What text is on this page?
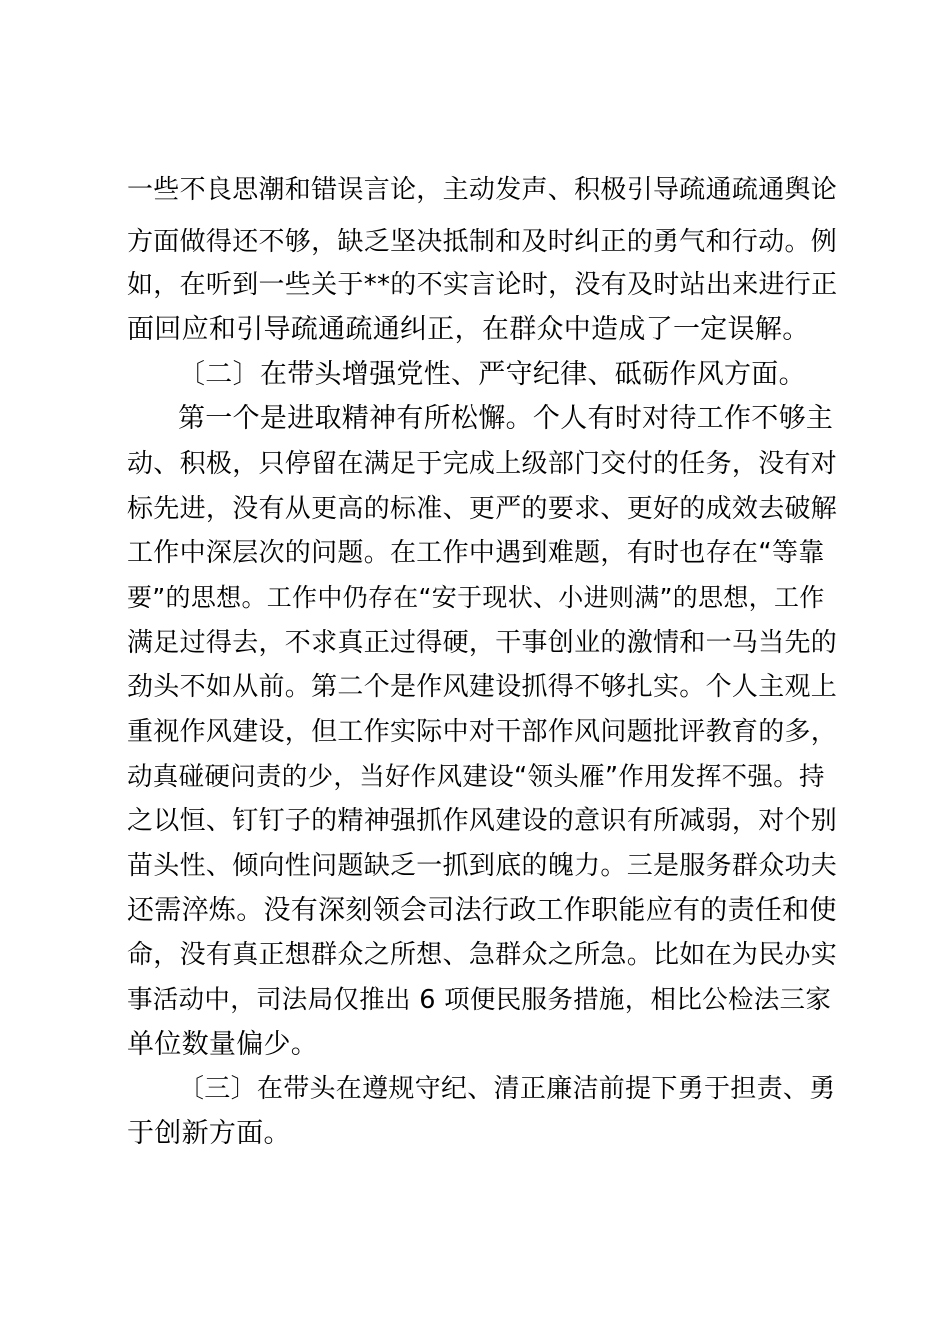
一些不良思潮和错误言论，主动发声、积极引导疏通疏通舆论
方面做得还不够，缺乏坚决抵制和及时纠正的勇气和行动。例
如，在听到一些关于**的不实言论时，没有及时站出来进行正
面回应和引导疏通疏通纠正，在群众中造成了一定误解。
〔二〕在带头增强党性、严守纪律、砥砺作风方面。
第一个是进取精神有所松懈。个人有时对待工作不够主
动、积极，只停留在满足于完成上级部门交付的任务，没有对
标先进，没有从更高的标准、更严的要求、更好的成效去破解
工作中深层次的问题。在工作中遇到难题，有时也存在“等靠
要”的思想。工作中仍存在“安于现状、小进则满”的思想，工作
满足过得去，不求真正过得硬，干事创业的激情和一马当先的
劲头不如从前。第二个是作风建设抓得不够扎实。个人主观上
重视作风建设，但工作实际中对干部作风问题批评教育的多，
动真碰硬问责的少，当好作风建设“领头雁”作用发挥不强。持
之以恒、钉钉子的精神强抓作风建设的意识有所减弱，对个别
苗头性、倾向性问题缺乏一抓到底的魄力。三是服务群众功夫
还需淬炼。没有深刻领会司法行政工作职能应有的责任和使
命，没有真正想群众之所想、急群众之所急。比如在为民办实
事活动中，司法局仅推出 6 项便民服务措施，相比公检法三家
单位数量偏少。
〔三〕在带头在遵规守纪、清正廉洁前提下勇于担责、勇
于创新方面。
